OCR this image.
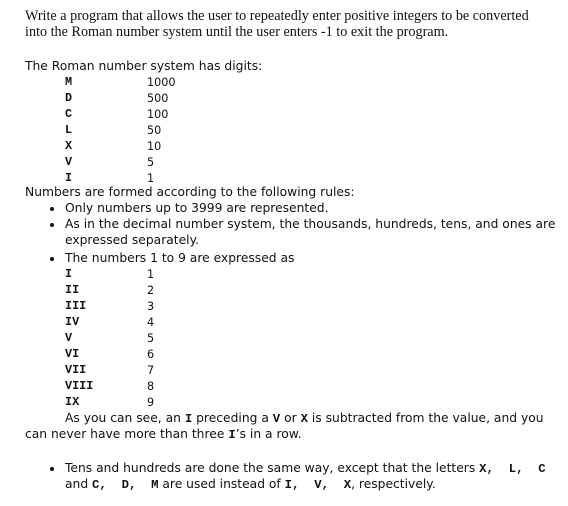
Write a program that allows the user to repeatedly enter positive integers to be converted
into the Roman number system until the user enters -1 to exit the program.
The Roman number system has digits:
M	1000
D	500
C	100
L	50
X	10
V	5
I	1
Numbers are formed according to the following rules:
Only numbers up to 3999 are represented.
As in the decimal number system, the thousands, hundreds, tens, and ones are
expressed separately.
The numbers 1 to 9 are expressed as
I	1
II	2
III	3
IV	4
V	5
VI	6
VII	7
VIII	8
IX	9
As you can see, an I preceding a V or X is subtracted from the value, and you
can never have more than three I’s in a row.
Tens and hundreds are done the same way, except that the letters X,  L,  C
and C,  D,  M are used instead of I,  V,  X, respectively.
